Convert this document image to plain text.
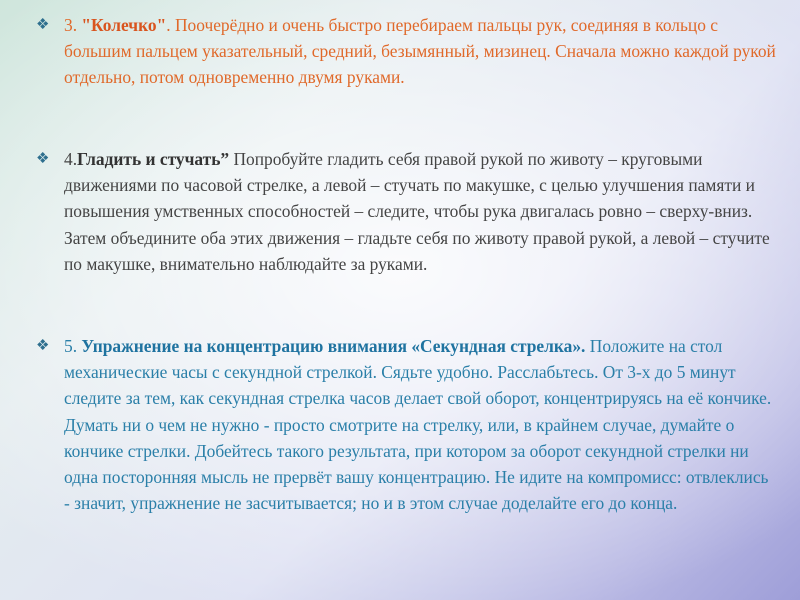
❖ 3. "Колечко". Поочерёдно и очень быстро перебираем пальцы рук, соединяя в кольцо с большим пальцем указательный, средний, безымянный, мизинец. Сначала можно каждой рукой отдельно, потом одновременно двумя руками.

❖ 4.Гладить и стучать” Попробуйте гладить себя правой рукой по животу – круговыми движениями по часовой стрелке, а левой – стучать по макушке, с целью улучшения памяти и повышения умственных способностей – следите, чтобы рука двигалась ровно – сверху-вниз. Затем объедините оба этих движения – гладьте себя по животу правой рукой, а левой – стучите по макушке, внимательно наблюдайте за руками.

❖ 5. Упражнение на концентрацию внимания «Секундная стрелка». Положите на стол механические часы с секундной стрелкой. Сядьте удобно. Расслабьтесь. От 3-х до 5 минут следите за тем, как секундная стрелка часов делает свой оборот, концентрируясь на её кончике. Думать ни о чем не нужно - просто смотрите на стрелку, или, в крайнем случае, думайте о кончике стрелки. Добейтесь такого результата, при котором за оборот секундной стрелки ни одна посторонняя мысль не прервёт вашу концентрацию. Не идите на компромисс: отвлеклись - значит, упражнение не засчитывается; но и в этом случае доделайте его до конца.
